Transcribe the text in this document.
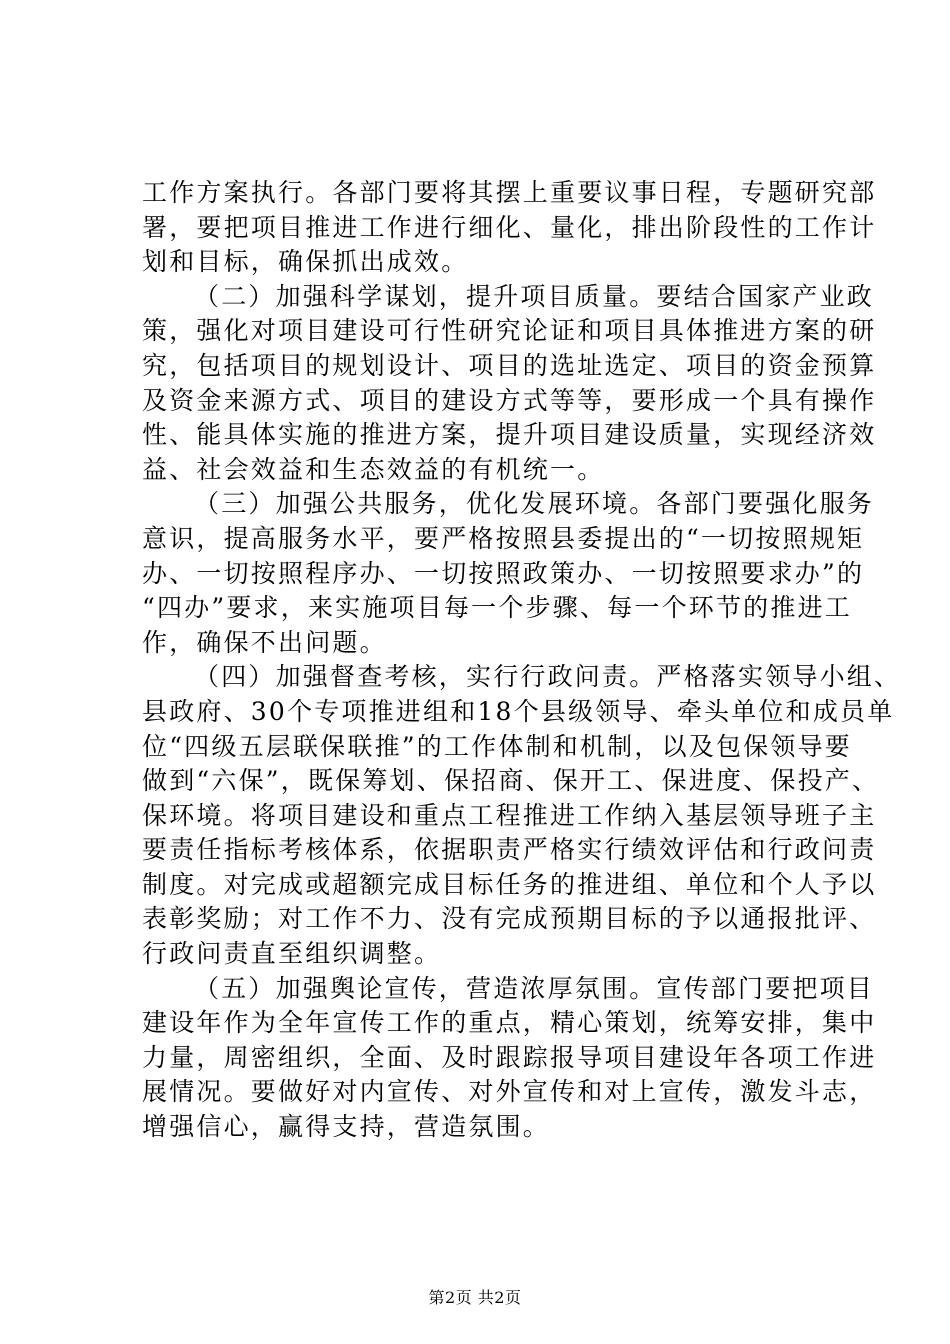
工作方案执行。各部门要将其摆上重要议事日程，专题研究部
署，要把项目推进工作进行细化、量化，排出阶段性的工作计
划和目标，确保抓出成效。
（二）加强科学谋划，提升项目质量。要结合国家产业政
策，强化对项目建设可行性研究论证和项目具体推进方案的研
究，包括项目的规划设计、项目的选址选定、项目的资金预算
及资金来源方式、项目的建设方式等等，要形成一个具有操作
性、能具体实施的推进方案，提升项目建设质量，实现经济效
益、社会效益和生态效益的有机统一。
（三）加强公共服务，优化发展环境。各部门要强化服务
意识，提高服务水平，要严格按照县委提出的“一切按照规矩
办、一切按照程序办、一切按照政策办、一切按照要求办”的
“四办”要求，来实施项目每一个步骤、每一个环节的推进工
作，确保不出问题。
（四）加强督查考核，实行行政问责。严格落实领导小组、
县政府、30个专项推进组和18个县级领导、牵头单位和成员单
位“四级五层联保联推”的工作体制和机制，以及包保领导要
做到“六保”，既保筹划、保招商、保开工、保进度、保投产、
保环境。将项目建设和重点工程推进工作纳入基层领导班子主
要责任指标考核体系，依据职责严格实行绩效评估和行政问责
制度。对完成或超额完成目标任务的推进组、单位和个人予以
表彰奖励；对工作不力、没有完成预期目标的予以通报批评、
行政问责直至组织调整。
（五）加强舆论宣传，营造浓厚氛围。宣传部门要把项目
建设年作为全年宣传工作的重点，精心策划，统筹安排，集中
力量，周密组织，全面、及时跟踪报导项目建设年各项工作进
展情况。要做好对内宣传、对外宣传和对上宣传，激发斗志，
增强信心，赢得支持，营造氛围。
第2页 共2页
